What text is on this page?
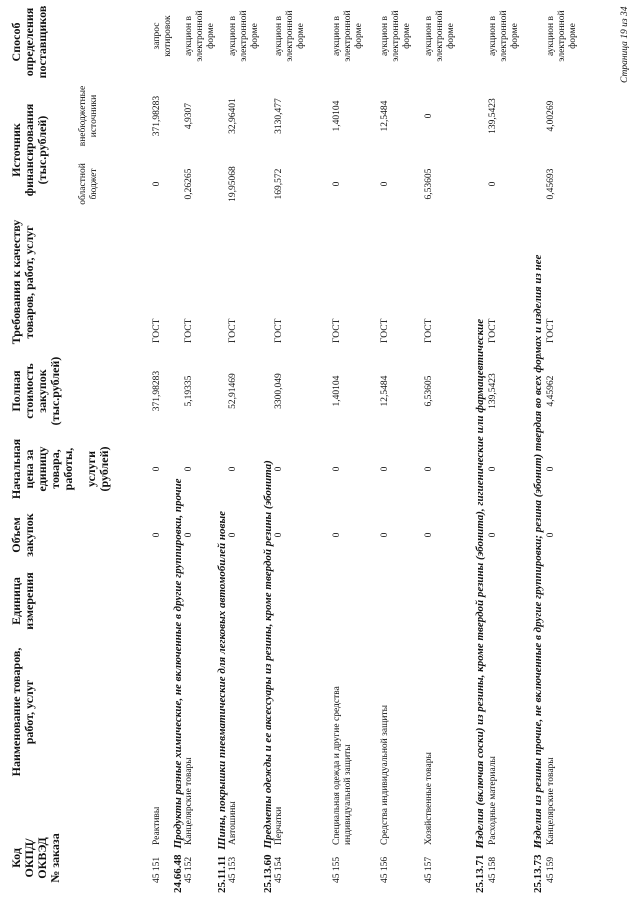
Код ОКПД/ ОКВЭД № заказа
Наименование товаров, работ, услуг
Единица измерения
Объем закупок
Начальная цена за единицу товара, работы, услуги (рублей)
Полная стоимость закупок (тыс.рублей)
Требования к качеству товаров, работ, услуг
Источник финансирования (тыс.рублей)	областной бюджет
внебюджетные источники
Способ определения поставщиков
45 151
Реактивы
0
0
371,98283
ГОСТ
0
371,98283
запрос котировок
24.66.48Продукты разные химические, не включенные в другие группировки, прочие
45 152
Канцелярские товары
0
0
5,19335
ГОСТ
0,26265
4,9307
аукцион в электронной форме
25.11.11Шины, покрышки пневматические для легковых автомобилей новые
45 153
Автошины
0
0
52,91469
ГОСТ
19,95068
32,96401
аукцион в электронной форме
25.13.60Предметы одежды и ее аксессуары из резины, кроме твердой резины (эбонита)
45 154
Перчатки
0
0
3300,049
ГОСТ
169,572
3130,477
аукцион в электронной форме
45 155
Специальная одежда и другие средства индивидуальной защиты
0
0
1,40104
ГОСТ
0
1,40104
аукцион в электронной форме
45 156
Средства индивидуальной защиты
0
0
12,5484
ГОСТ
0
12,5484
аукцион в электронной форме
45 157
Хозяйственные товары
0
0
6,53605
ГОСТ
6,53605
0
аукцион в электронной форме
25.13.71Изделия (включая соски) из резины, кроме твердой резины (эбонита), гигиенические или фармацевтические
45 158
Расходные материалы
0
0
139,5423
ГОСТ
0
139,5423
аукцион в электронной форме
25.13.73Изделия из резины прочие, не включенные в другие группировки; резина (эбонит) твердая во всех формах и изделия из нее
45 159
Канцелярские товары
0
0
4,45962
ГОСТ
0,45693
4,00269
аукцион в электронной форме	Страница 19 из 34
